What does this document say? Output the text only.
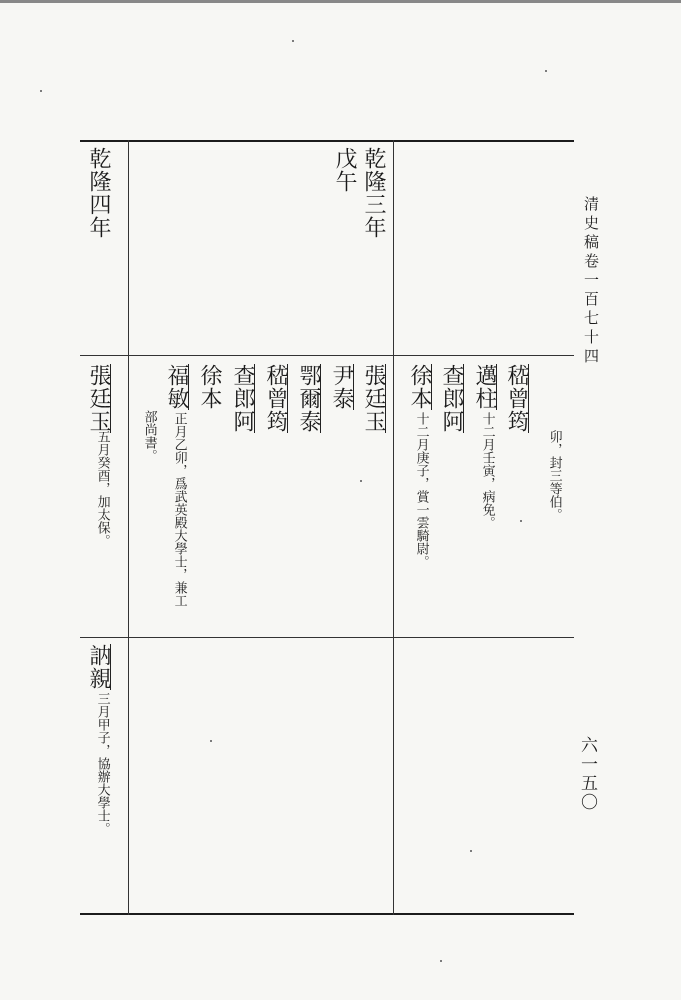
清史稿卷一百七十四
六一五〇
乾隆四年	乾隆三年
戊午
卯，封三等伯。
嵇曾筠
邁柱
十二月壬寅，病免。
查郎阿
徐本
十二月庚子，賞一雲騎尉。
張廷玉
尹泰
鄂爾泰
嵇曾筠
查郎阿
徐本
福敏
正月乙卯，爲武英殿大學士，兼工
部尚書。
張廷玉
五月癸酉，加太保。
訥親
三月甲子，協辦大學士。
